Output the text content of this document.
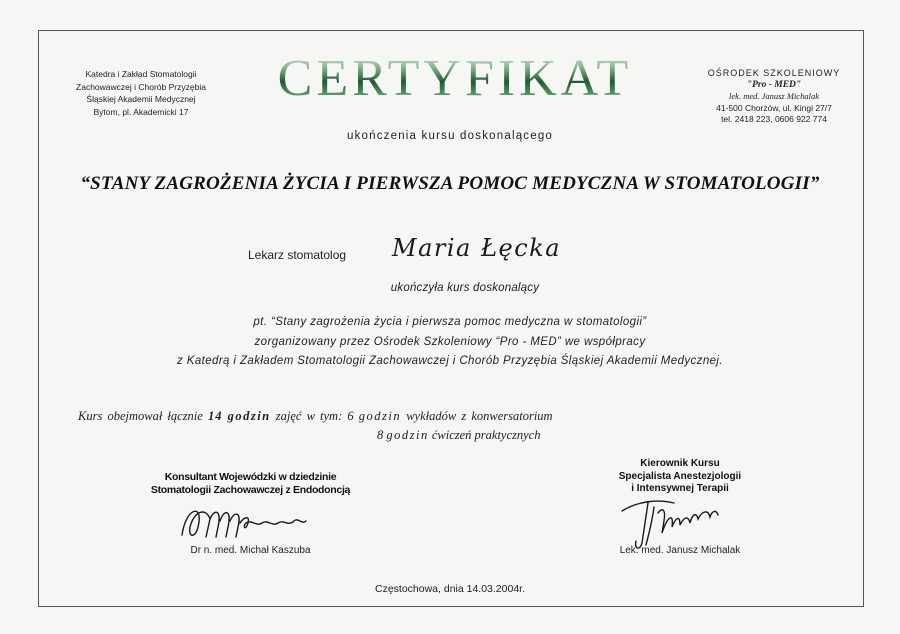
Katedra i Zakład Stomatologii
Zachowawczej i Chorób Przyzębia
Śląskiej Akademii Medycznej
Bytom, pl. Akademicki 17
CERTYFIKAT	OŚRODEK SZKOLENIOWY
"Pro - MED"
lek. med. Janusz Michalak
41-500 Chorzów, ul. Kingi 27/7
tel. 2418 223, 0606 922 774
ukończenia kursu doskonalącego
“STANY ZAGROŻENIA ŻYCIA I PIERWSZA POMOC MEDYCZNA W STOMATOLOGII”
Lekarz stomatolog Maria Łęcka
ukończyła kurs doskonalący
pt. “Stany zagrożenia życia i pierwsza pomoc medyczna w stomatologii”
zorganizowany przez Ośrodek Szkoleniowy “Pro - MED” we współpracy
z Katedrą i Zakładem Stomatologii Zachowawczej i Chorób Przyzębia Śląskiej Akademii Medycznej.
Kurs obejmował łącznie 14 godzin zajęć w tym: 6 godzin wykładów z konwersatorium
8 godzin ćwiczeń praktycznych
Konsultant Wojewódzki w dziedzinie
Stomatologii Zachowawczej z Endodoncją
Dr n. med. Michał Kaszuba
Kierownik Kursu
Specjalista Anestezjologii
i Intensywnej Terapii
Lek. med. Janusz Michalak
Częstochowa, dnia 14.03.2004r.
